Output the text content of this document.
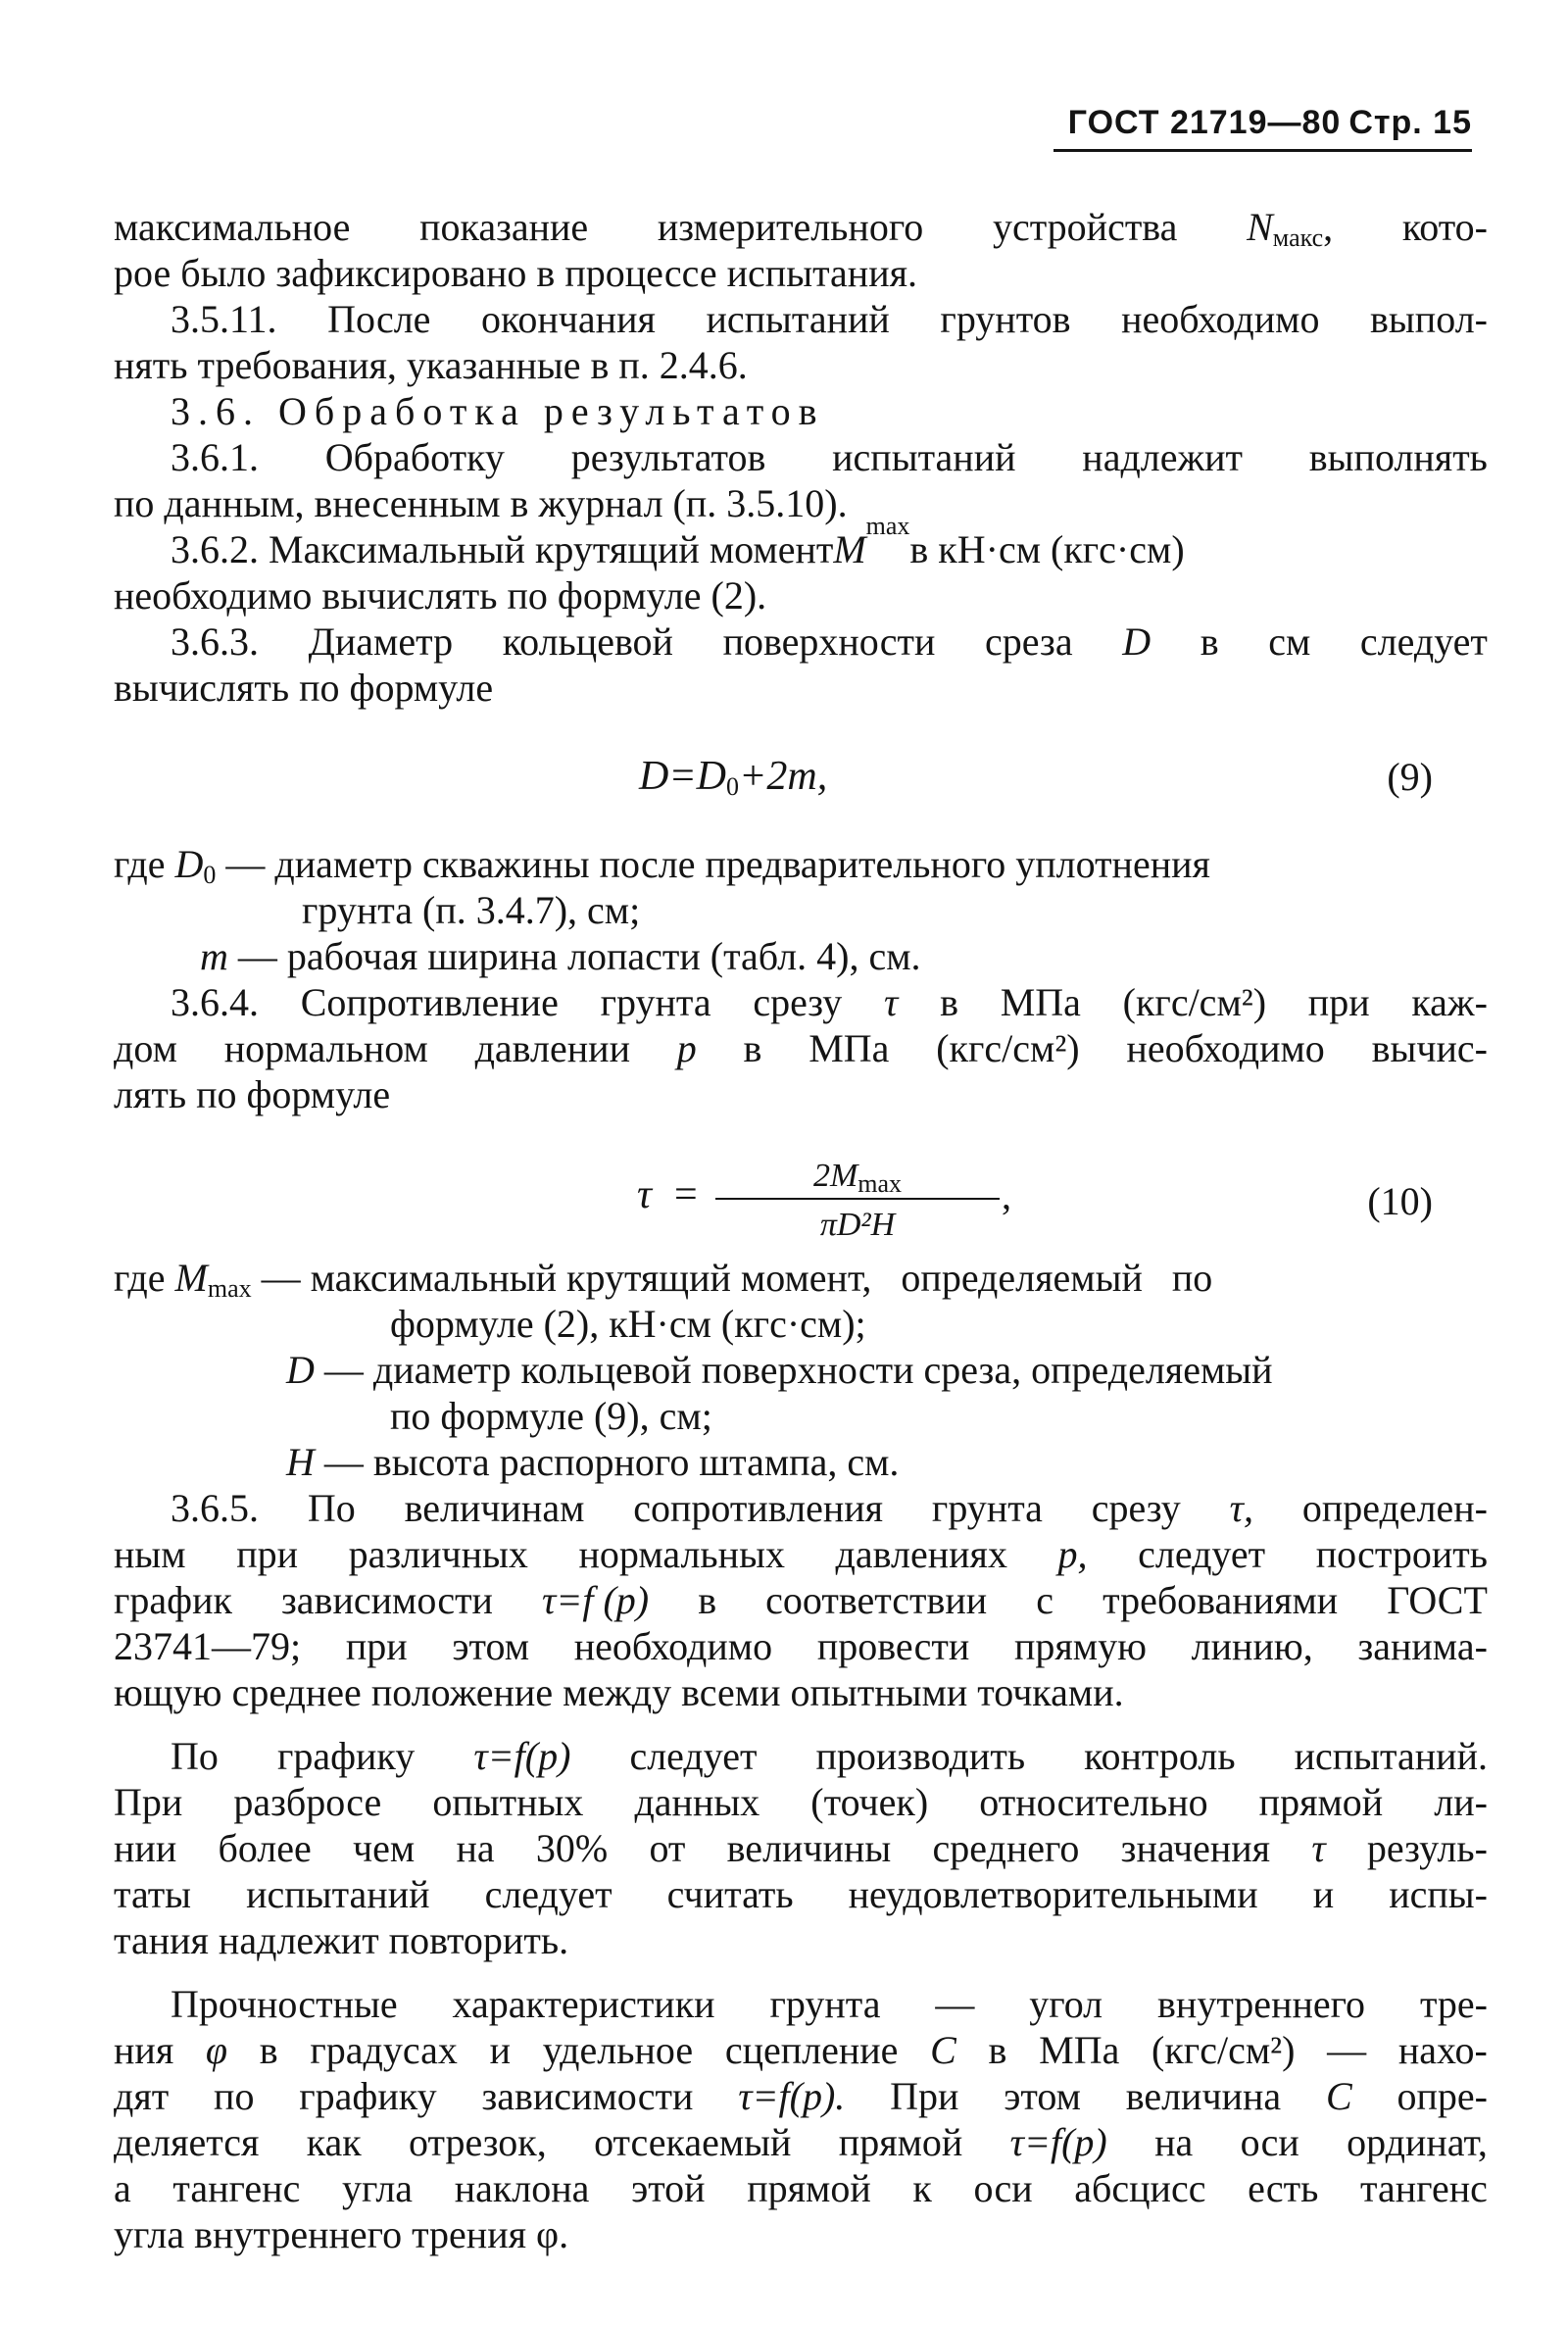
ГОСТ 21719—80 Стр. 15
максимальное показание измерительного устройства $N_{макс}$, кото-
рое было зафиксировано в процессе испытания.
3.5.11. После окончания испытаний грунтов необходимо выпол-
нять требования, указанные в п. 2.4.6.
3.6. Обработка результатов
3.6.1. Обработку результатов испытаний надлежит выполнять
по данным, внесенным в журнал (п. 3.5.10).
3.6.2. Максимальный крутящий момент M
max
в кН·см (кгс·см)
необходимо вычислять по формуле (2).
3.6.3. Диаметр кольцевой поверхности среза D в см следует
вычислять по формуле
$D=D_0+2m$,	(9)
где $D_0$ — диаметр скважины после предварительного уплотнения
грунта (п. 3.4.7), см;
m — рабочая ширина лопасти (табл. 4), см.
3.6.4. Сопротивление грунта срезу τ в МПа (кгс/см²) при каж-
дом нормальном давлении p в МПа (кгс/см²) необходимо вычис-
лять по формуле
τ =	$2M_{max}$
πD²H
,	(10)
где $M_{max}$ — максимальный крутящий момент,   определяемый   по
формуле (2), кН·см (кгс·см);
D — диаметр кольцевой поверхности среза, определяемый
по формуле (9), см;
H — высота распорного штампа, см.
3.6.5. По величинам сопротивления грунта срезу τ, определен-
ным при различных нормальных давлениях p, следует построить
график зависимости τ=f (p) в соответствии с требованиями ГОСТ
23741—79; при этом необходимо провести прямую линию, занима-
ющую среднее положение между всеми опытными точками.
По графику τ=f(p) следует производить контроль испытаний.
При разбросе опытных данных (точек) относительно прямой ли-
нии более чем на 30% от величины среднего значения τ резуль-
таты испытаний следует считать неудовлетворительными и испы-
тания надлежит повторить.
Прочностные характеристики грунта — угол внутреннего тре-
ния φ в градусах и удельное сцепление C в МПа (кгс/см²) — нахо-
дят по графику зависимости τ=f(p). При этом величина C опре-
деляется как отрезок, отсекаемый прямой τ=f(p) на оси ординат,
а тангенс угла наклона этой прямой к оси абсцисс есть тангенс
угла внутреннего трения φ.
